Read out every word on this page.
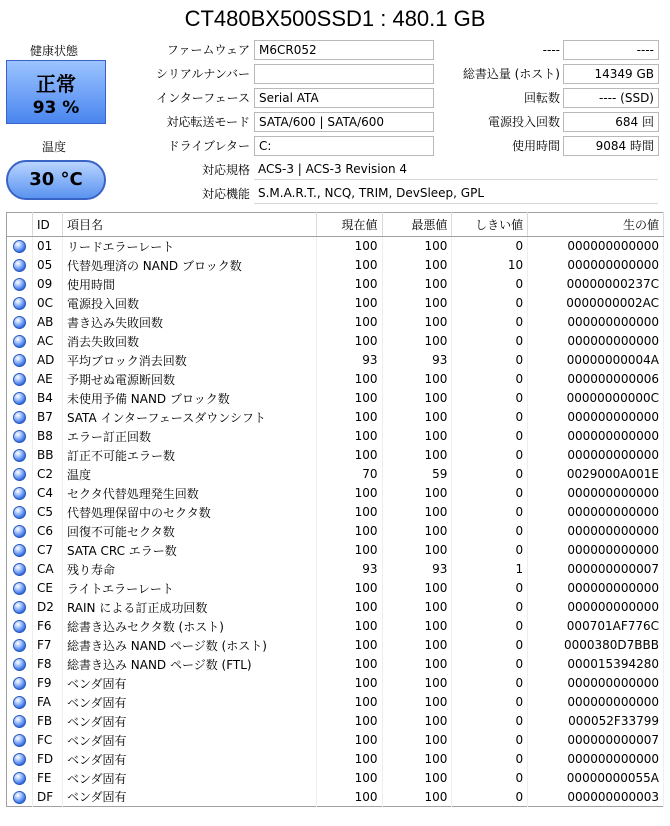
CT480BX500SSD1 : 480.1 GB
健康状態
正常
93 %
温度
30 °C
ファームウェア M6CR052
シリアルナンバー
インターフェース Serial ATA
対応転送モード SATA/600 | SATA/600
ドライブレター C:
対応規格 ACS-3 | ACS-3 Revision 4
対応機能 S.M.A.R.T., NCQ, TRIM, DevSleep, GPL
----	----
総書込量 (ホスト)	14349 GB
回転数	---- (SSD)
電源投入回数	684 回
使用時間	9084 時間
	ID	項目名	現在値	最悪値	しきい値	生の値
	01	リードエラーレート	100	100	0	000000000000
	05	代替処理済の NAND ブロック数	100	100	10	000000000000
	09	使用時間	100	100	0	00000000237C
	0C	電源投入回数	100	100	0	0000000002AC
	AB	書き込み失敗回数	100	100	0	000000000000
	AC	消去失敗回数	100	100	0	000000000000
	AD	平均ブロック消去回数	93	93	0	00000000004A
	AE	予期せぬ電源断回数	100	100	0	000000000006
	B4	未使用予備 NAND ブロック数	100	100	0	00000000000C
	B7	SATA インターフェースダウンシフト	100	100	0	000000000000
	B8	エラー訂正回数	100	100	0	000000000000
	BB	訂正不可能エラー数	100	100	0	000000000000
	C2	温度	70	59	0	0029000A001E
	C4	セクタ代替処理発生回数	100	100	0	000000000000
	C5	代替処理保留中のセクタ数	100	100	0	000000000000
	C6	回復不可能セクタ数	100	100	0	000000000000
	C7	SATA CRC エラー数	100	100	0	000000000000
	CA	残り寿命	93	93	1	000000000007
	CE	ライトエラーレート	100	100	0	000000000000
	D2	RAIN による訂正成功回数	100	100	0	000000000000
	F6	総書き込みセクタ数 (ホスト)	100	100	0	000701AF776C
	F7	総書き込み NAND ページ数 (ホスト)	100	100	0	0000380D7BBB
	F8	総書き込み NAND ページ数 (FTL)	100	100	0	000015394280
	F9	ベンダ固有	100	100	0	000000000000
	FA	ベンダ固有	100	100	0	000000000000
	FB	ベンダ固有	100	100	0	000052F33799
	FC	ベンダ固有	100	100	0	000000000007
	FD	ベンダ固有	100	100	0	000000000000
	FE	ベンダ固有	100	100	0	00000000055A
	DF	ベンダ固有	100	100	0	000000000003
